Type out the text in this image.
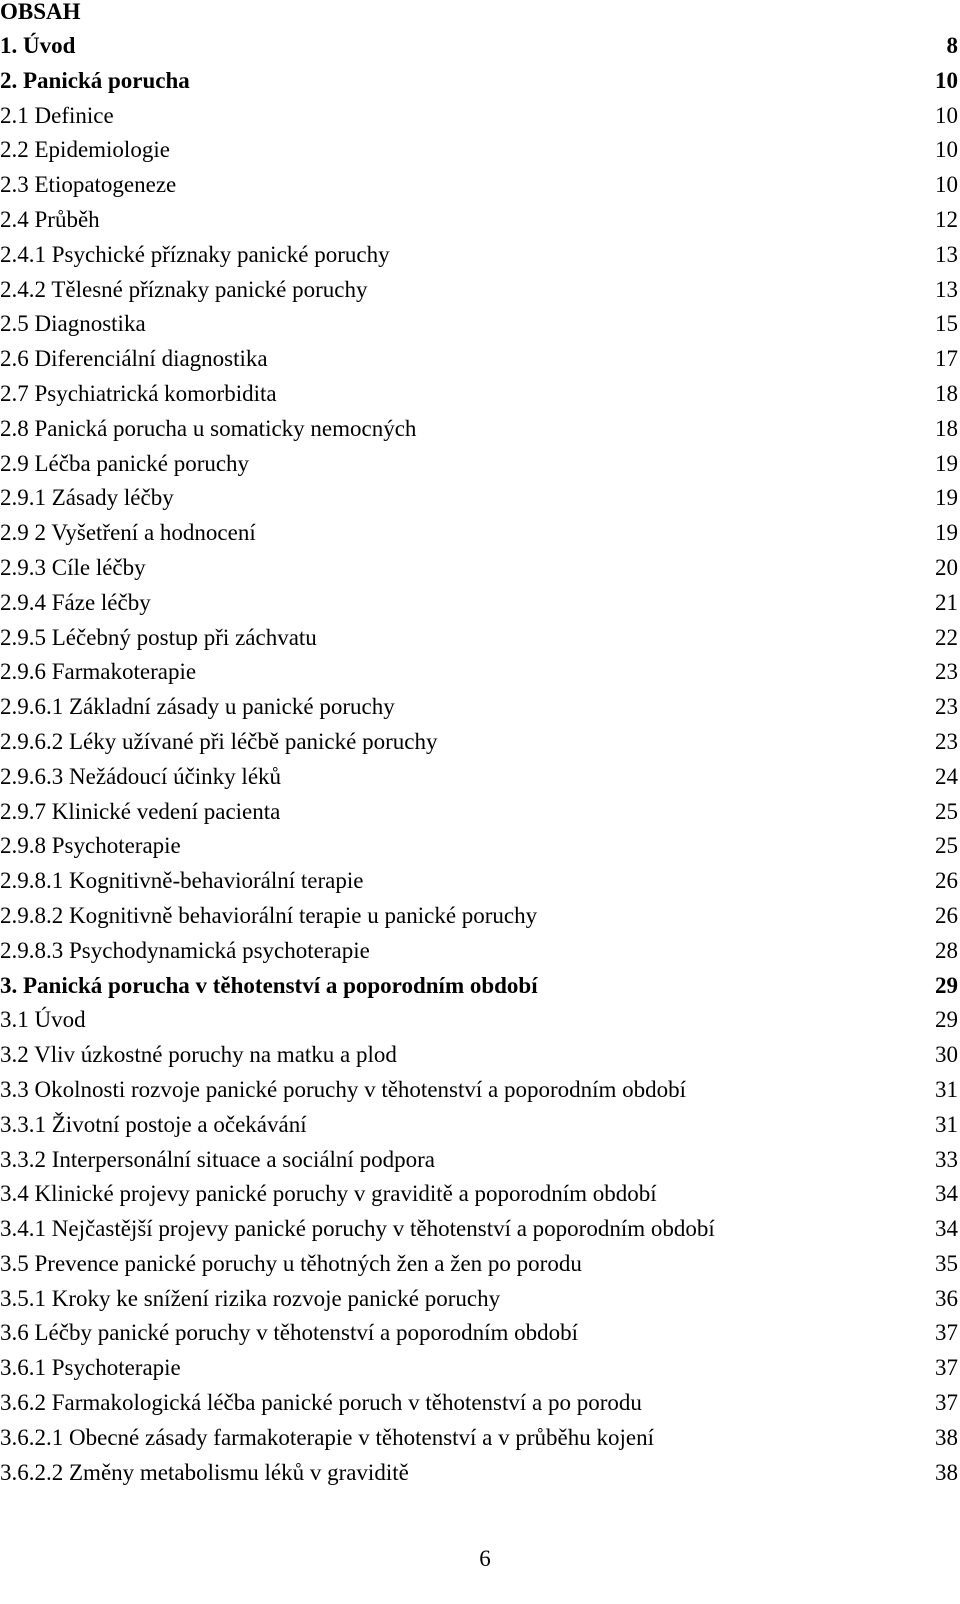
OBSAH
1. Úvod	8
2. Panická porucha	10
2.1 Definice	10
2.2 Epidemiologie	10
2.3 Etiopatogeneze	10
2.4 Průběh	12
2.4.1 Psychické příznaky panické poruchy	13
2.4.2 Tělesné příznaky panické poruchy	13
2.5 Diagnostika	15
2.6 Diferenciální diagnostika	17
2.7 Psychiatrická komorbidita	18
2.8 Panická porucha u somaticky nemocných	18
2.9 Léčba panické poruchy	19
2.9.1 Zásady léčby	19
2.9 2 Vyšetření a hodnocení	19
2.9.3 Cíle léčby	20
2.9.4 Fáze léčby	21
2.9.5 Léčebný postup při záchvatu	22
2.9.6 Farmakoterapie	23
2.9.6.1 Základní zásady u panické poruchy	23
2.9.6.2 Léky užívané při léčbě panické poruchy	23
2.9.6.3 Nežádoucí účinky léků	24
2.9.7 Klinické vedení pacienta	25
2.9.8 Psychoterapie	25
2.9.8.1 Kognitivně-behaviorální terapie	26
2.9.8.2 Kognitivně behaviorální terapie u panické poruchy	26
2.9.8.3 Psychodynamická psychoterapie	28
3. Panická porucha v těhotenství a poporodním období	29
3.1 Úvod	29
3.2 Vliv úzkostné poruchy na matku a plod	30
3.3 Okolnosti rozvoje panické poruchy v těhotenství a poporodním období	31
3.3.1 Životní postoje a očekávání	31
3.3.2 Interpersonální situace a sociální podpora	33
3.4 Klinické projevy panické poruchy v graviditě a poporodním období	34
3.4.1 Nejčastější projevy panické poruchy v těhotenství a poporodním období	34
3.5 Prevence panické poruchy u těhotných žen a žen po porodu	35
3.5.1 Kroky ke snížení rizika rozvoje panické poruchy	36
3.6 Léčby panické poruchy v těhotenství a poporodním období	37
3.6.1 Psychoterapie	37
3.6.2 Farmakologická léčba panické poruch v těhotenství a po porodu	37
3.6.2.1 Obecné zásady farmakoterapie v těhotenství a v průběhu kojení	38
3.6.2.2 Změny metabolismu léků v graviditě	38
6
